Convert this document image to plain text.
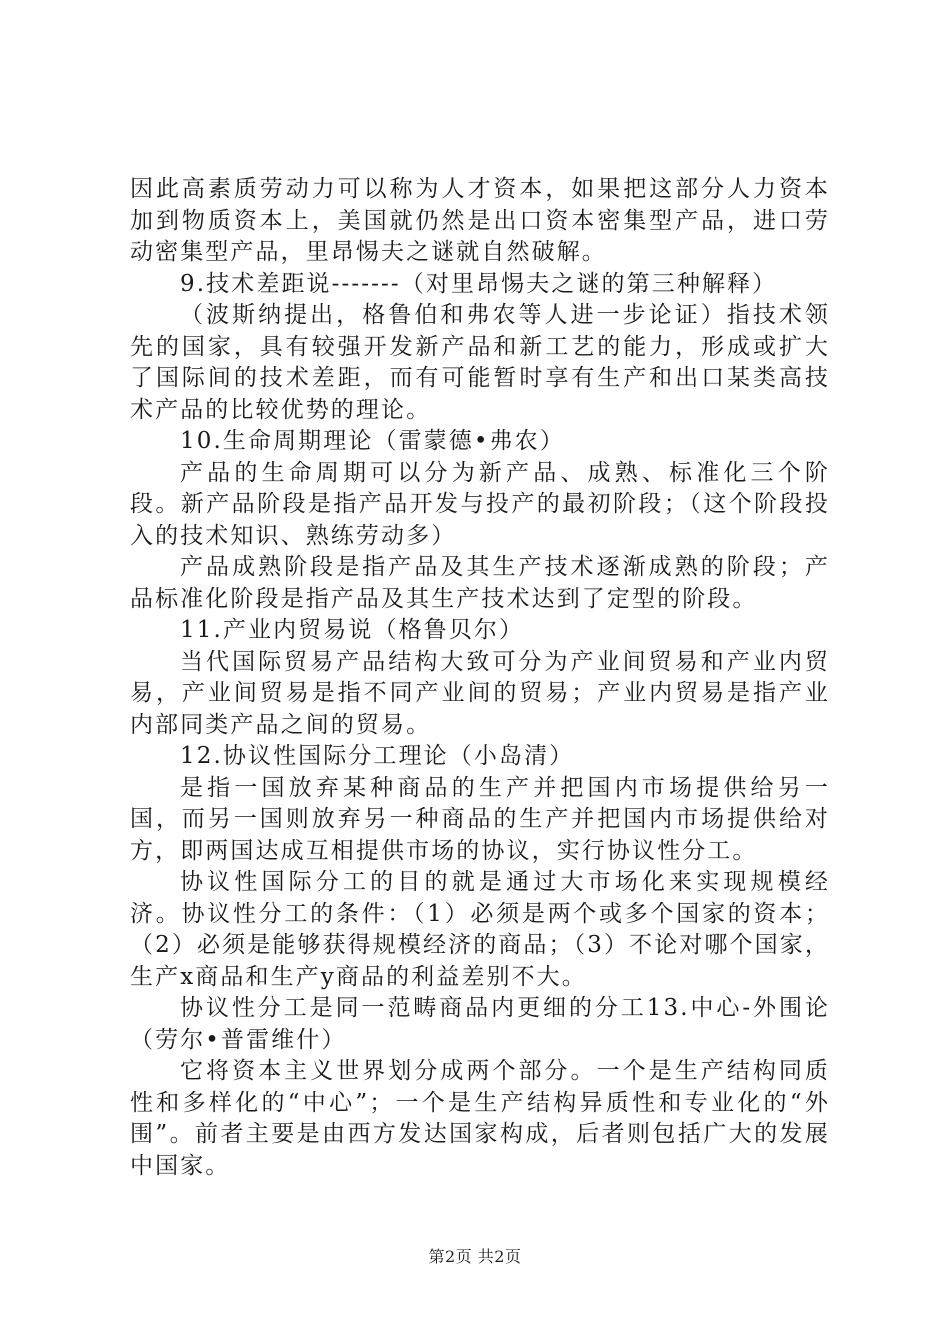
因此高素质劳动力可以称为人才资本，如果把这部分人力资本加到物质资本上，美国就仍然是出口资本密集型产品，进口劳动密集型产品，里昂惕夫之谜就自然破解。

9.技术差距说-------（对里昂惕夫之谜的第三种解释）

（波斯纳提出，格鲁伯和弗农等人进一步论证）指技术领先的国家，具有较强开发新产品和新工艺的能力，形成或扩大了国际间的技术差距，而有可能暂时享有生产和出口某类高技术产品的比较优势的理论。

10.生命周期理论（雷蒙德•弗农）

产品的生命周期可以分为新产品、成熟、标准化三个阶段。新产品阶段是指产品开发与投产的最初阶段；（这个阶段投入的技术知识、熟练劳动多）

产品成熟阶段是指产品及其生产技术逐渐成熟的阶段；产品标准化阶段是指产品及其生产技术达到了定型的阶段。

11.产业内贸易说（格鲁贝尔）

当代国际贸易产品结构大致可分为产业间贸易和产业内贸易，产业间贸易是指不同产业间的贸易；产业内贸易是指产业内部同类产品之间的贸易。

12.协议性国际分工理论（小岛清）

是指一国放弃某种商品的生产并把国内市场提供给另一国，而另一国则放弃另一种商品的生产并把国内市场提供给对方，即两国达成互相提供市场的协议，实行协议性分工。

协议性国际分工的目的就是通过大市场化来实现规模经济。协议性分工的条件：（1）必须是两个或多个国家的资本；（2）必须是能够获得规模经济的商品；（3）不论对哪个国家，生产x商品和生产y商品的利益差别不大。

协议性分工是同一范畴商品内更细的分工13.中心-外围论（劳尔•普雷维什）

它将资本主义世界划分成两个部分。一个是生产结构同质性和多样化的“中心”；一个是生产结构异质性和专业化的“外围”。前者主要是由西方发达国家构成，后者则包括广大的发展中国家。

第2页 共2页
